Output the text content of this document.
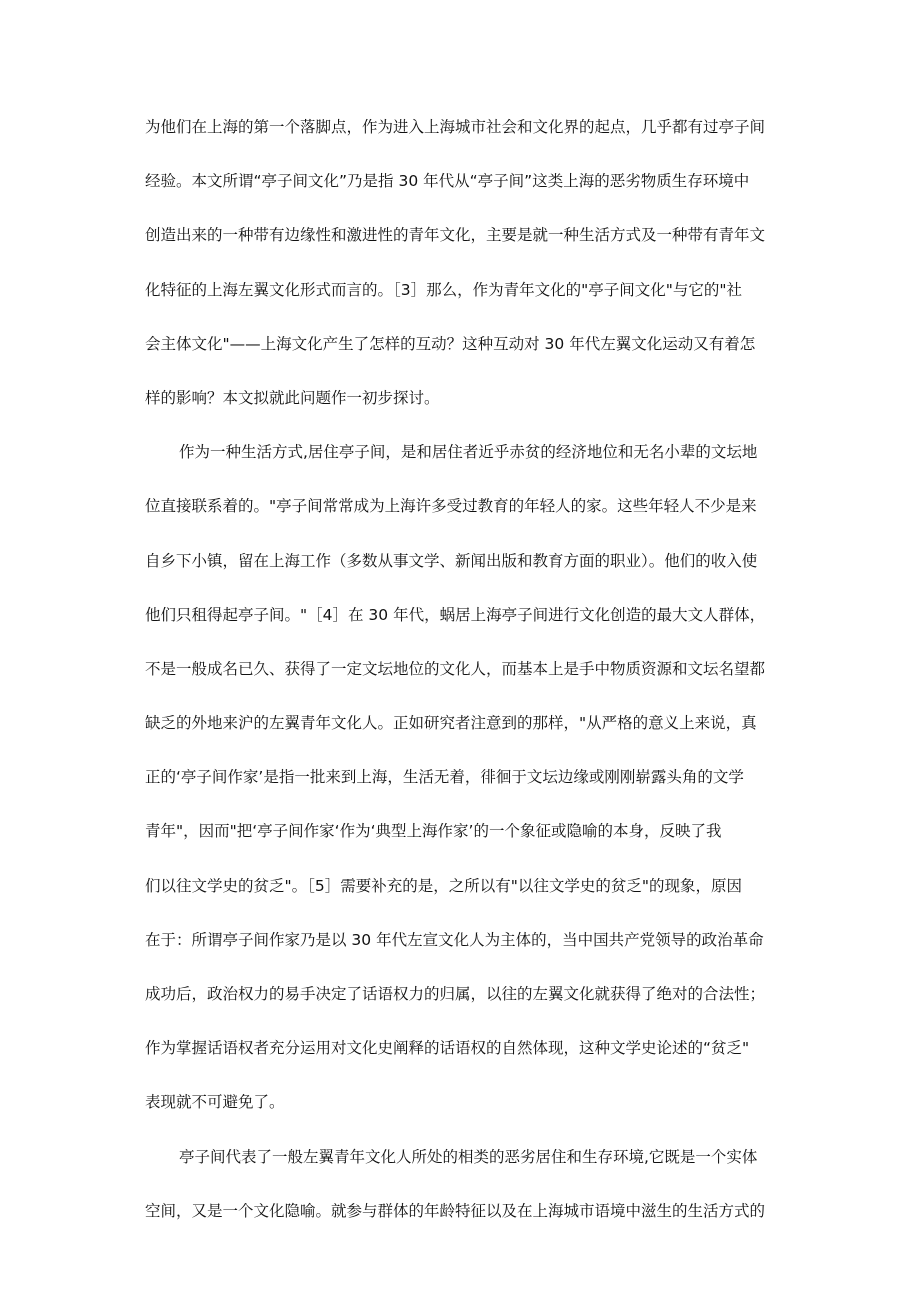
为他们在上海的第一个落脚点，作为进入上海城市社会和文化界的起点，几乎都有过亭子间
经验。本文所谓“亭子间文化”乃是指 30 年代从“亭子间”这类上海的恶劣物质生存环境中
创造出来的一种带有边缘性和激进性的青年文化，主要是就一种生活方式及一种带有青年文
化特征的上海左翼文化形式而言的。［3］那么，作为青年文化的"亭子间文化"与它的"社
会主体文化"——上海文化产生了怎样的互动？这种互动对 30 年代左翼文化运动又有着怎
样的影响？本文拟就此问题作一初步探讨。
作为一种生活方式,居住亭子间，是和居住者近乎赤贫的经济地位和无名小辈的文坛地
位直接联系着的。"亭子间常常成为上海许多受过教育的年轻人的家。这些年轻人不少是来
自乡下小镇，留在上海工作（多数从事文学、新闻出版和教育方面的职业）。他们的收入使
他们只租得起亭子间。"［4］在 30 年代，蜗居上海亭子间进行文化创造的最大文人群体，
不是一般成名已久、获得了一定文坛地位的文化人，而基本上是手中物质资源和文坛名望都
缺乏的外地来沪的左翼青年文化人。正如研究者注意到的那样，"从严格的意义上来说，真
正的‘亭子间作家’是指一批来到上海，生活无着，徘徊于文坛边缘或刚刚崭露头角的文学
青年"，因而"把‘亭子间作家‘作为‘典型上海作家’的一个象征或隐喻的本身，反映了我
们以往文学史的贫乏"。［5］需要补充的是，之所以有"以往文学史的贫乏"的现象，原因
在于：所谓亭子间作家乃是以 30 年代左宣文化人为主体的，当中国共产党领导的政治革命
成功后，政治权力的易手决定了话语权力的归属，以往的左翼文化就获得了绝对的合法性；
作为掌握话语权者充分运用对文化史阐释的话语权的自然体现，这种文学史论述的“贫乏"
表现就不可避免了。
亭子间代表了一般左翼青年文化人所处的相类的恶劣居住和生存环境,它既是一个实体
空间，又是一个文化隐喻。就参与群体的年龄特征以及在上海城市语境中滋生的生活方式的
